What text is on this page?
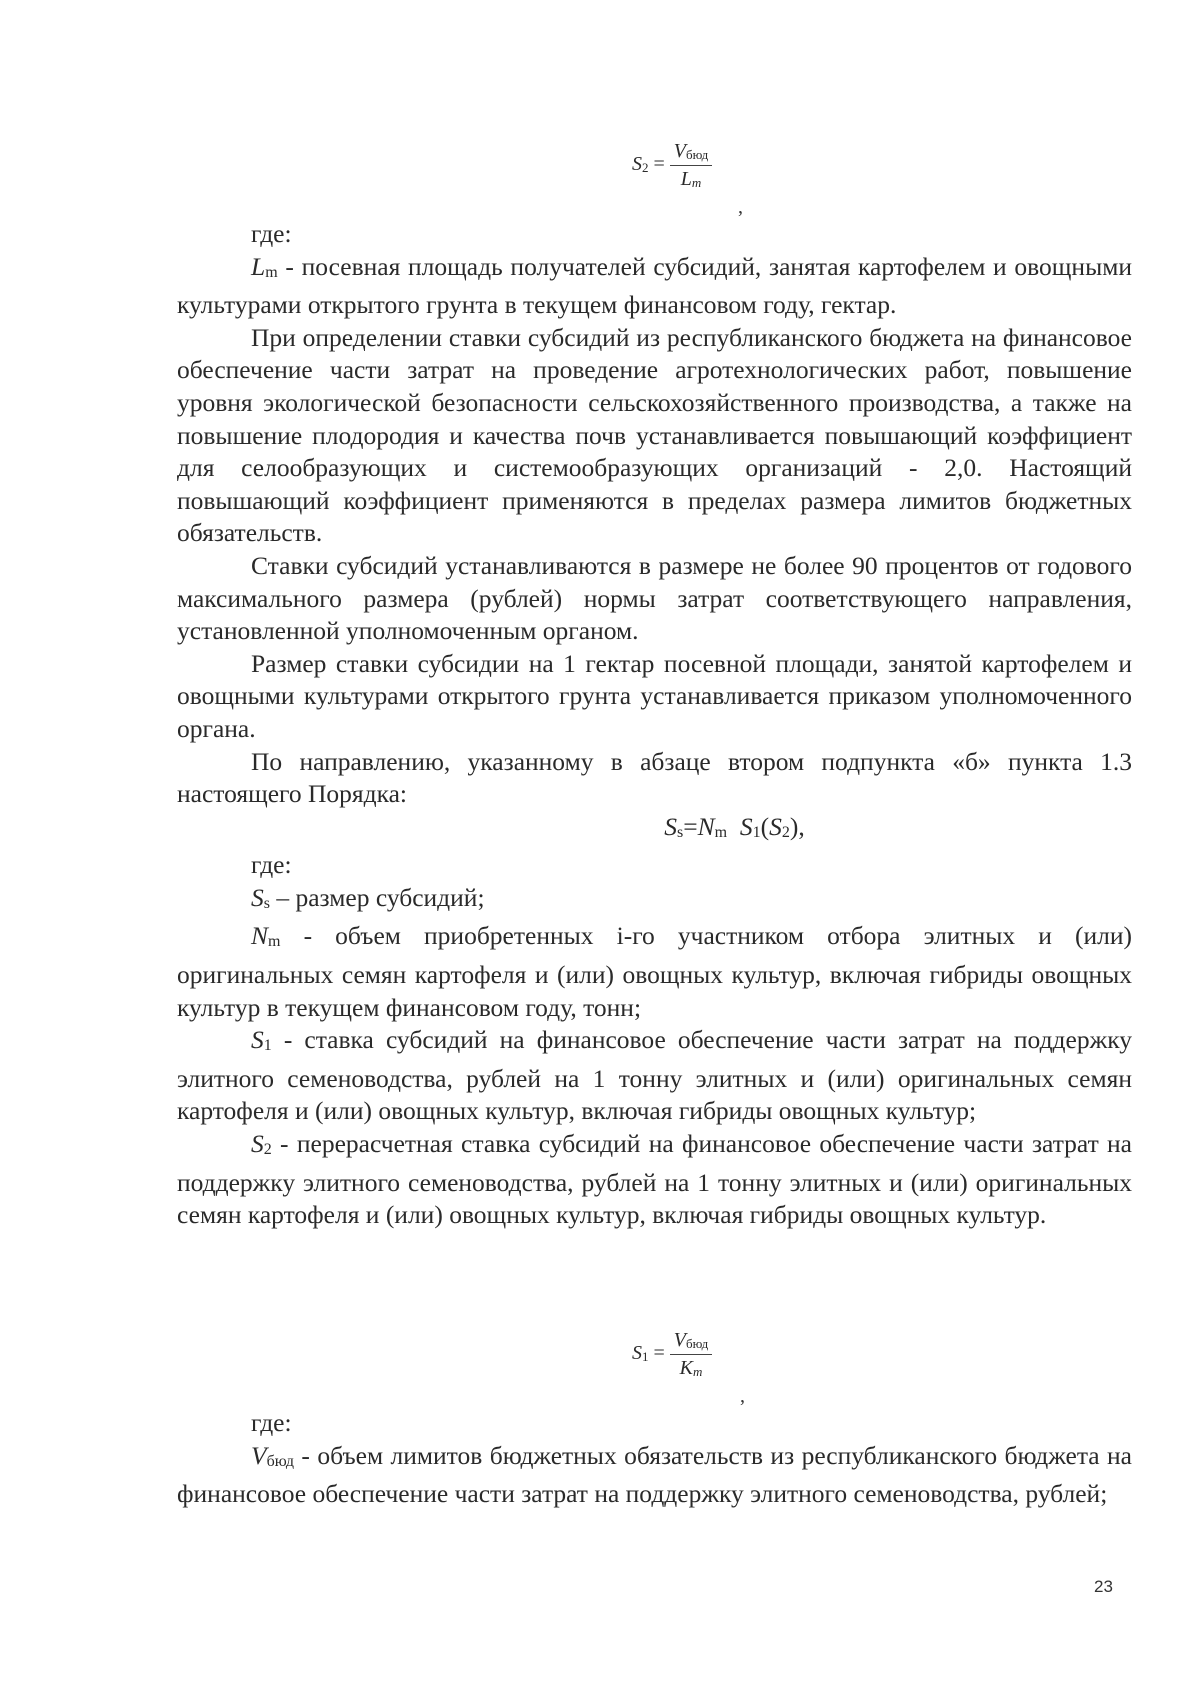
$S2 = \frac{\text{Vбюд}}{Lm}$
,

где:

Lm - посевная площадь получателей субсидий, занятая картофелем и овощными культурами открытого грунта в текущем финансовом году, гектар.

При определении ставки субсидий из республиканского бюджета на финансовое обеспечение части затрат на проведение агротехнологических работ, повышение уровня экологической безопасности сельскохозяйственного производства, а также на повышение плодородия и качества почв устанавливается повышающий коэффициент для селообразующих и системообразующих организаций - 2,0. Настоящий повышающий коэффициент применяются в пределах размера лимитов бюджетных обязательств.

Ставки субсидий устанавливаются в размере не более 90 процентов от годового максимального размера (рублей) нормы затрат соответствующего направления, установленной уполномоченным органом.

Размер ставки субсидии на 1 гектар посевной площади, занятой картофелем и овощными культурами открытого грунта устанавливается приказом уполномоченного органа.

По направлению, указанному в абзаце втором подпункта «б» пункта 1.3 настоящего Порядка:

Ss=Nm S1(S2),

где:

Ss – размер субсидий;

Nm - объем приобретенных i-го участником отбора элитных и (или) оригинальных семян картофеля и (или) овощных культур, включая гибриды овощных культур в текущем финансовом году, тонн;

S1 - ставка субсидий на финансовое обеспечение части затрат на поддержку элитного семеноводства, рублей на 1 тонну элитных и (или) оригинальных семян картофеля и (или) овощных культур, включая гибриды овощных культур;

S2 - перерасчетная ставка субсидий на финансовое обеспечение части затрат на поддержку элитного семеноводства, рублей на 1 тонну элитных и (или) оригинальных семян картофеля и (или) овощных культур, включая гибриды овощных культур.

$S1 = \frac{\text{Vбюд}}{Km}$
,

где:

Vбюд - объем лимитов бюджетных обязательств из республиканского бюджета на финансовое обеспечение части затрат на поддержку элитного семеноводства, рублей;

23
